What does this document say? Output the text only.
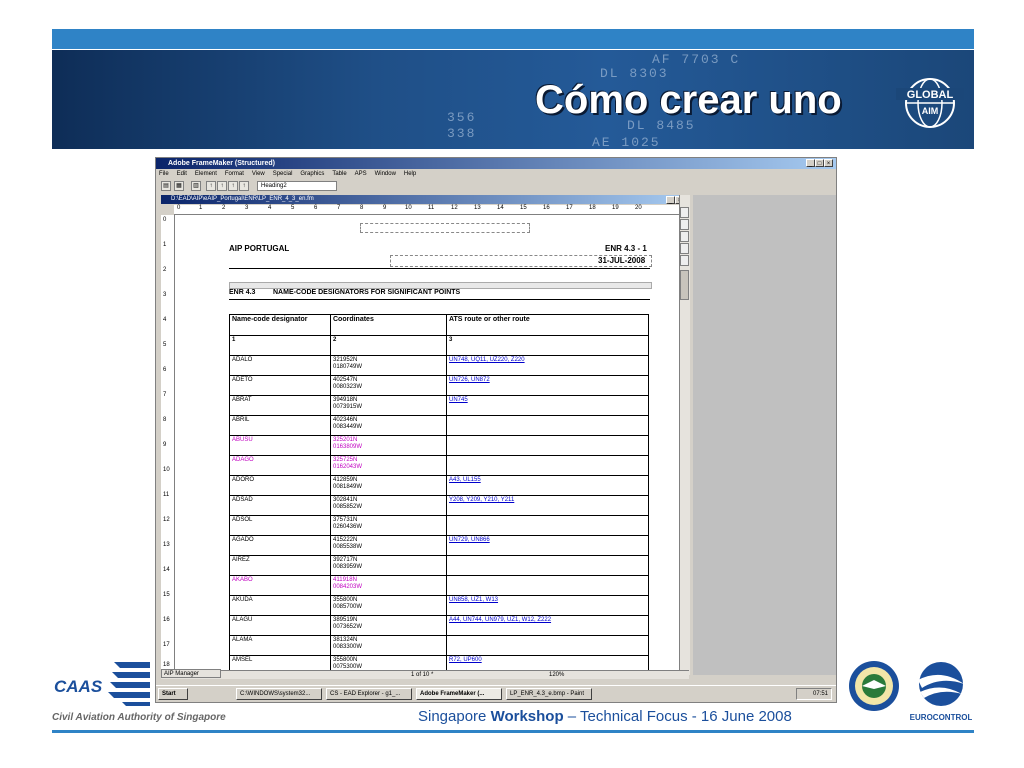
AF 7703 C
DL 8303
DL 8485
AE 1025
356
338
Cómo crear uno	GLOBAL
AIM
Adobe FrameMaker (Structured)	_ □ ×
File Edit Element Format View Special Graphics Table APS Window Help
▤	▦	▥	↑	↑	↑	↑	Heading2
D:\EAD\AIP\eAIP_Portugal\ENR\LP_ENR_4_3_en.fm	_
0	1	2	3	4	5	6	7	8	9	10	11	12	13	14	15	16	17	18	19	20
0
1
2
3
4
5
6
7
8
9
10
11
12
13
14
15
16
17
18
AIP PORTUGAL	ENR 4.3 - 1
31-JUL-2008
ENR 4.3	NAME-CODE DESIGNATORS FOR SIGNIFICANT POINTS
Name-code designator	Coordinates	ATS route or other route
1	2	3
ADALO	321952N
0180749W	UN748, UQ11, UZ220, Z220
ADETO	402547N
0080323W	UN726, UN872
ABRAT	394918N
0073915W	UN745
ABRIL	402346N
0083449W	

ABUSU	325201N
0163809W	

ADAGO	325725N
0162043W	

ADORO	412859N
0081849W	A43, UL155
ADSAD	302841N
0085852W	Y208, Y209, Y210, Y211
ADSOL	375731N
0260436W	

AGADO	415222N
0085538W	UN729, UN866
AIREZ	392717N
0083959W	

AKABO	411918N
0084203W	

AKUDA	355800N
0085700W	UN858, UZ1, W13
ALAGU	389519N
0073652W	A44, UN744, UN979, UZ1, W12, Z222
ALAMA	381324N
0083300W	

AMSEL	355800N
0075300W	R72, UP600
1 of 10 *	120%
AIP Manager
Start	C:\WINDOWS\system32...	CS - EAD Explorer - g1_...	Adobe FrameMaker (...	LP_ENR_4.3_e.bmp - Paint	07:51
CAAS
Civil Aviation Authority of Singapore	Singapore Workshop – Technical Focus - 16 June 2008	EUROCONTROL
